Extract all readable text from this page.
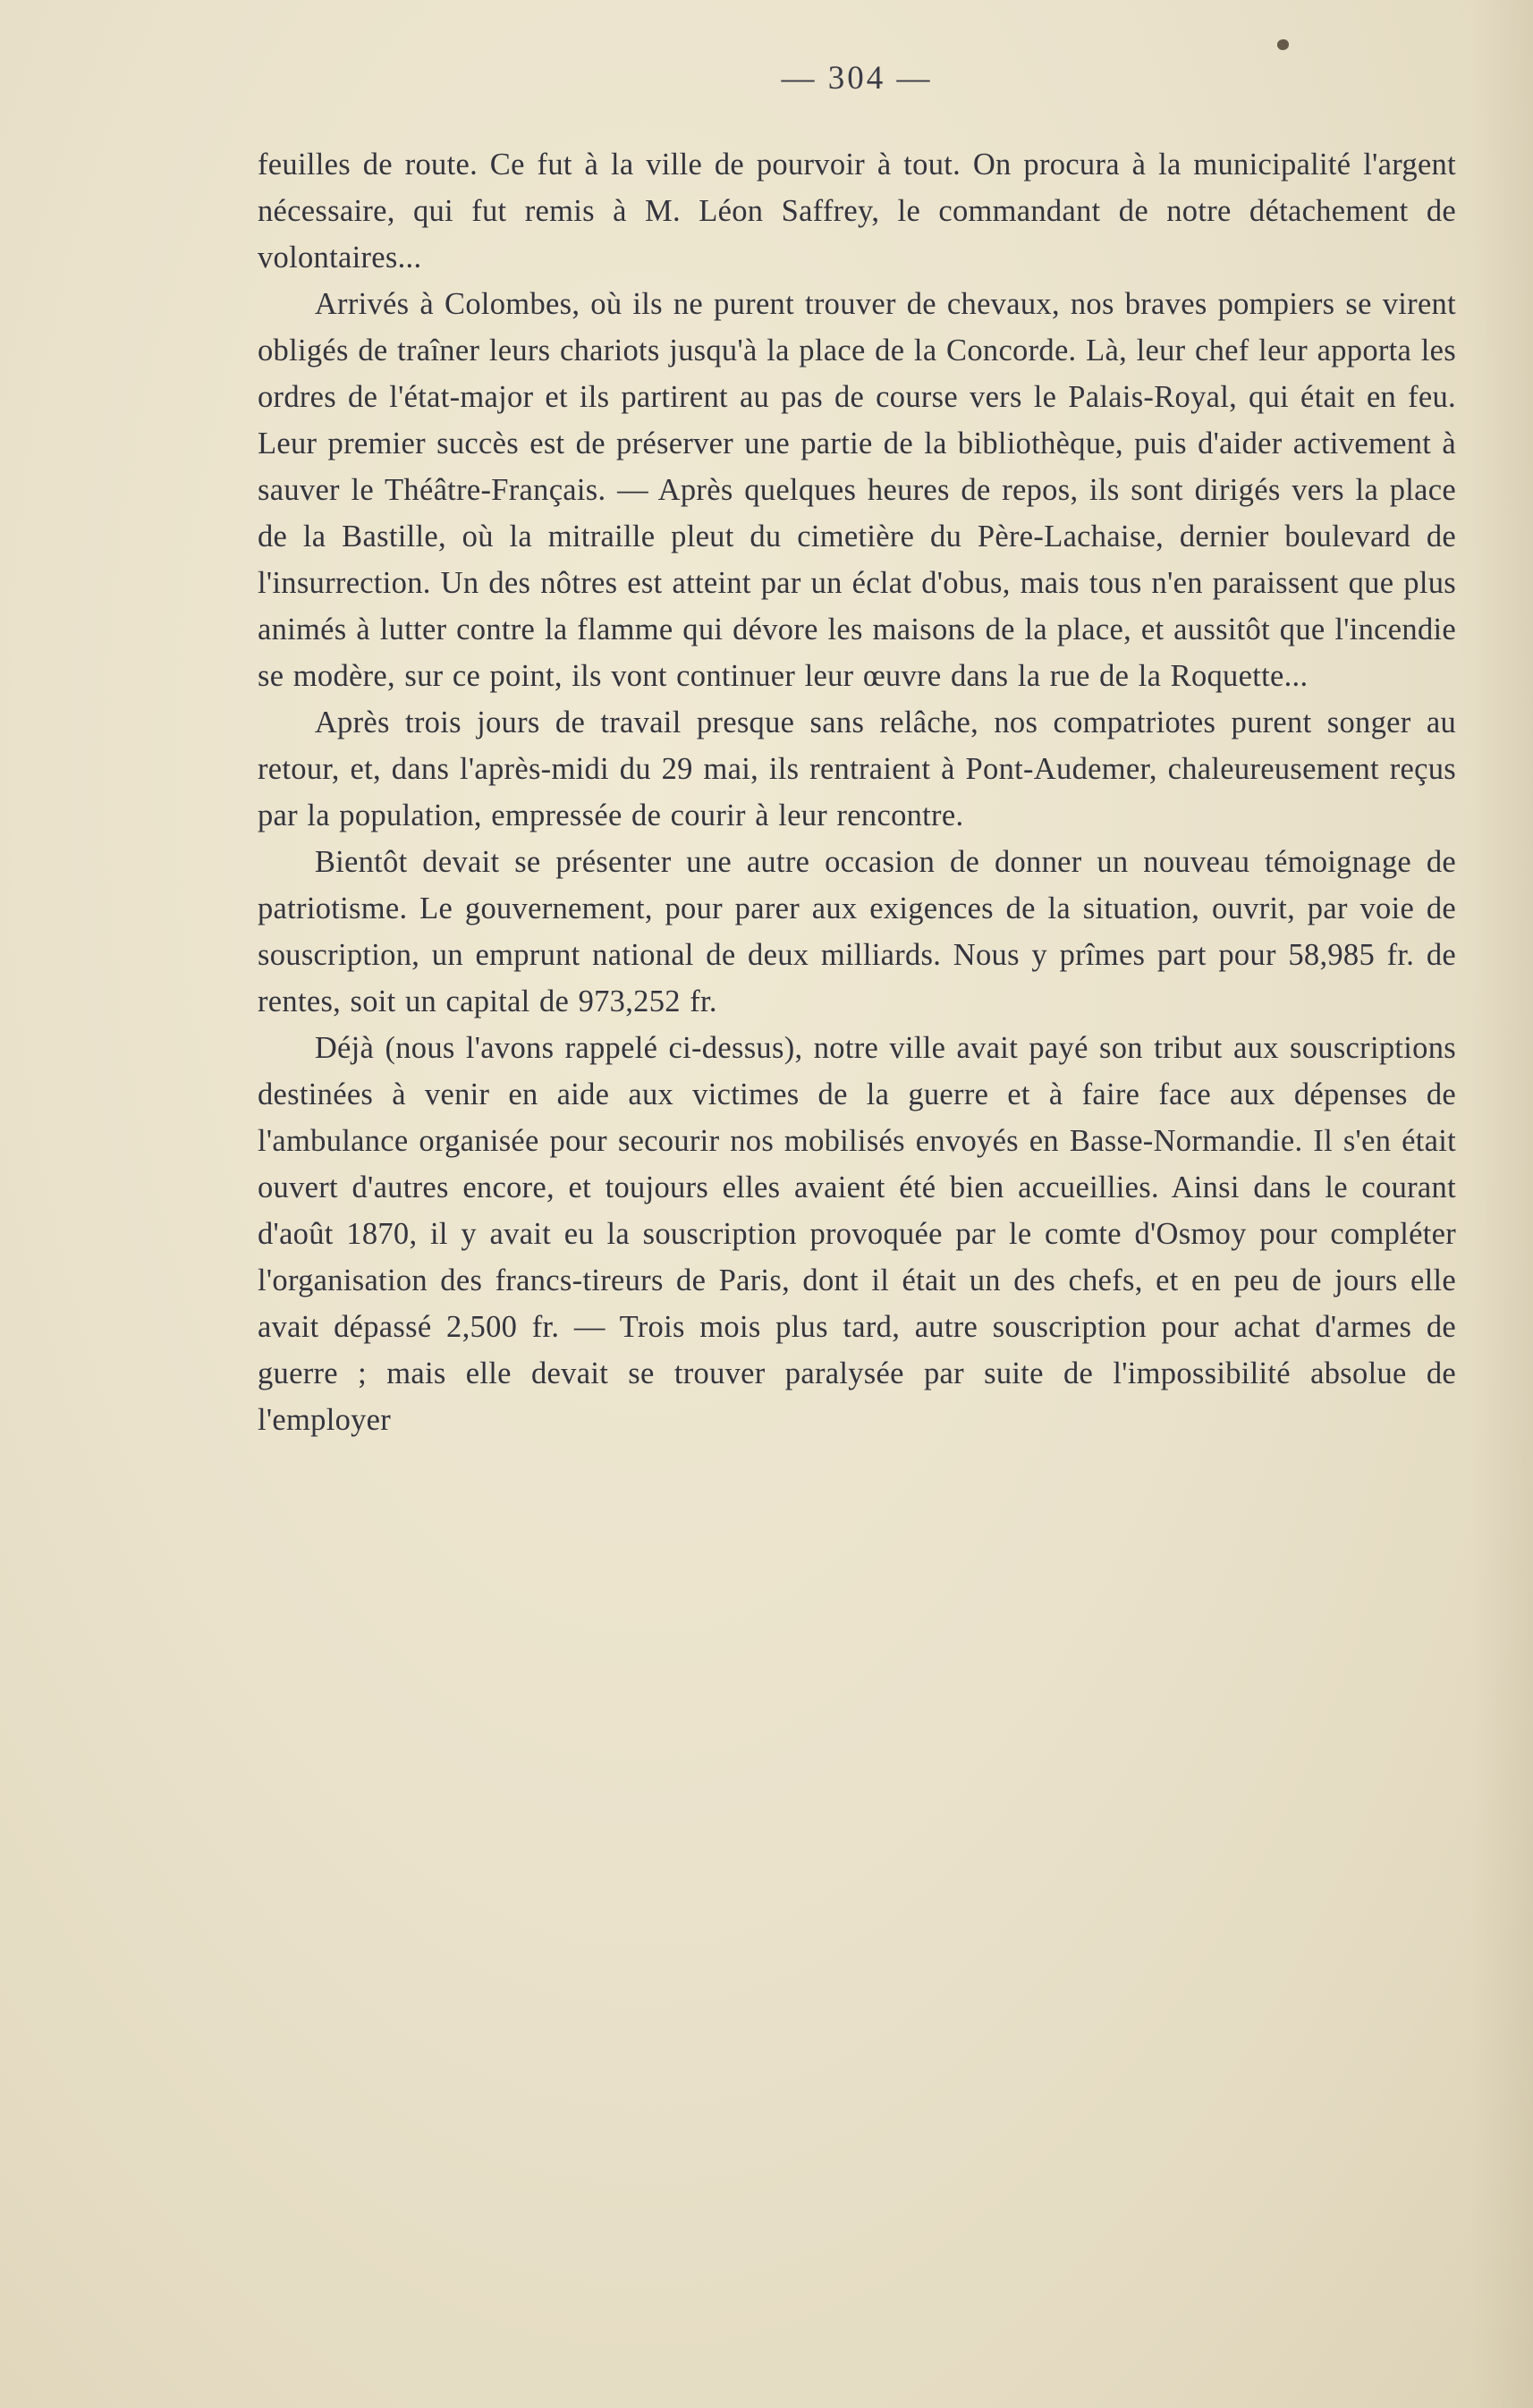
— 304 —

feuilles de route. Ce fut à la ville de pourvoir à tout. On procura à la municipalité l'argent nécessaire, qui fut remis à M. Léon Saffrey, le commandant de notre détachement de volontaires...

Arrivés à Colombes, où ils ne purent trouver de chevaux, nos braves pompiers se virent obligés de traîner leurs chariots jusqu'à la place de la Concorde. Là, leur chef leur apporta les ordres de l'état-major et ils partirent au pas de course vers le Palais-Royal, qui était en feu. Leur premier succès est de préserver une partie de la bibliothèque, puis d'aider activement à sauver le Théâtre-Français. — Après quelques heures de repos, ils sont dirigés vers la place de la Bastille, où la mitraille pleut du cimetière du Père-Lachaise, dernier boulevard de l'insurrection. Un des nôtres est atteint par un éclat d'obus, mais tous n'en paraissent que plus animés à lutter contre la flamme qui dévore les maisons de la place, et aussitôt que l'incendie se modère, sur ce point, ils vont continuer leur œuvre dans la rue de la Roquette...

Après trois jours de travail presque sans relâche, nos compatriotes purent songer au retour, et, dans l'après-midi du 29 mai, ils rentraient à Pont-Audemer, chaleureusement reçus par la population, empressée de courir à leur rencontre.

Bientôt devait se présenter une autre occasion de donner un nouveau témoignage de patriotisme. Le gouvernement, pour parer aux exigences de la situation, ouvrit, par voie de souscription, un emprunt national de deux milliards. Nous y prîmes part pour 58,985 fr. de rentes, soit un capital de 973,252 fr.

Déjà (nous l'avons rappelé ci-dessus), notre ville avait payé son tribut aux souscriptions destinées à venir en aide aux victimes de la guerre et à faire face aux dépenses de l'ambulance organisée pour secourir nos mobilisés envoyés en Basse-Normandie. Il s'en était ouvert d'autres encore, et toujours elles avaient été bien accueillies. Ainsi dans le courant d'août 1870, il y avait eu la souscription provoquée par le comte d'Osmoy pour compléter l'organisation des francs-tireurs de Paris, dont il était un des chefs, et en peu de jours elle avait dépassé 2,500 fr. — Trois mois plus tard, autre souscription pour achat d'armes de guerre ; mais elle devait se trouver paralysée par suite de l'impossibilité absolue de l'employer
